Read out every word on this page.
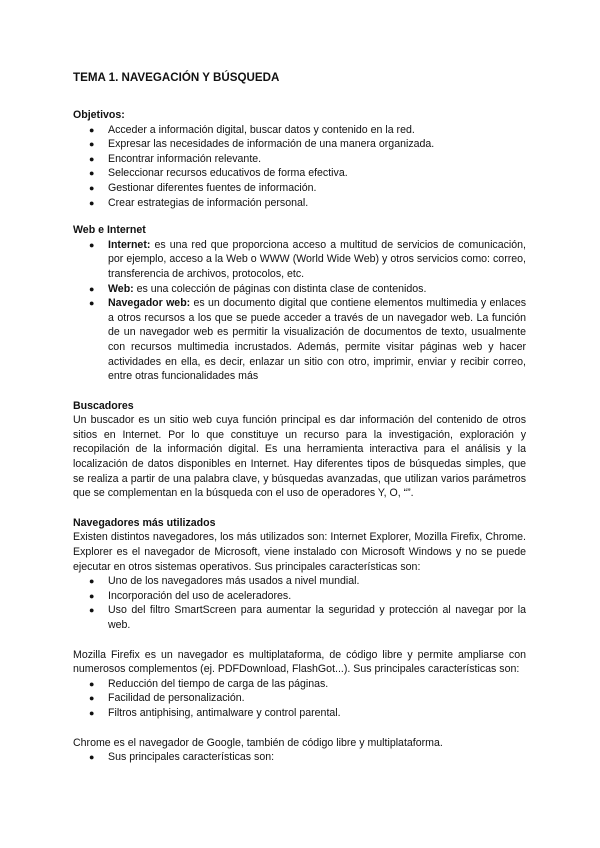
TEMA 1. NAVEGACIÓN Y BÚSQUEDA
Objetivos:
● Acceder a información digital, buscar datos y contenido en la red.
● Expresar las necesidades de información de una manera organizada.
● Encontrar información relevante.
● Seleccionar recursos educativos de forma efectiva.
● Gestionar diferentes fuentes de información.
● Crear estrategias de información personal.
Web e Internet
● Internet: es una red que proporciona acceso a multitud de servicios de comunicación, por ejemplo, acceso a la Web o WWW (World Wide Web) y otros servicios como: correo, transferencia de archivos, protocolos, etc.
● Web: es una colección de páginas con distinta clase de contenidos.
● Navegador web: es un documento digital que contiene elementos multimedia y enlaces a otros recursos a los que se puede acceder a través de un navegador web. La función de un navegador web es permitir la visualización de documentos de texto, usualmente con recursos multimedia incrustados. Además, permite visitar páginas web y hacer actividades en ella, es decir, enlazar un sitio con otro, imprimir, enviar y recibir correo, entre otras funcionalidades más
Buscadores

Un buscador es un sitio web cuya función principal es dar información del contenido de otros sitios en Internet. Por lo que constituye un recurso para la investigación, exploración y recopilación de la información digital. Es una herramienta interactiva para el análisis y la localización de datos disponibles en Internet. Hay diferentes tipos de búsquedas simples, que se realiza a partir de una palabra clave, y búsquedas avanzadas, que utilizan varios parámetros que se complementan en la búsqueda con el uso de operadores Y, O, “”.

Navegadores más utilizados

Existen distintos navegadores, los más utilizados son: Internet Explorer, Mozilla Firefix, Chrome. Explorer es el navegador de Microsoft, viene instalado con Microsoft Windows y no se puede ejecutar en otros sistemas operativos. Sus principales características son:

● Uno de los navegadores más usados a nivel mundial.
● Incorporación del uso de aceleradores.
● Uso del filtro SmartScreen para aumentar la seguridad y protección al navegar por la web.

Mozilla Firefix es un navegador es multiplataforma, de código libre y permite ampliarse con numerosos complementos (ej. PDFDownload, FlashGot...). Sus principales características son:

● Reducción del tiempo de carga de las páginas.
● Facilidad de personalización.
● Filtros antiphising, antimalware y control parental.

Chrome es el navegador de Google, también de código libre y multiplataforma.

● Sus principales características son:
